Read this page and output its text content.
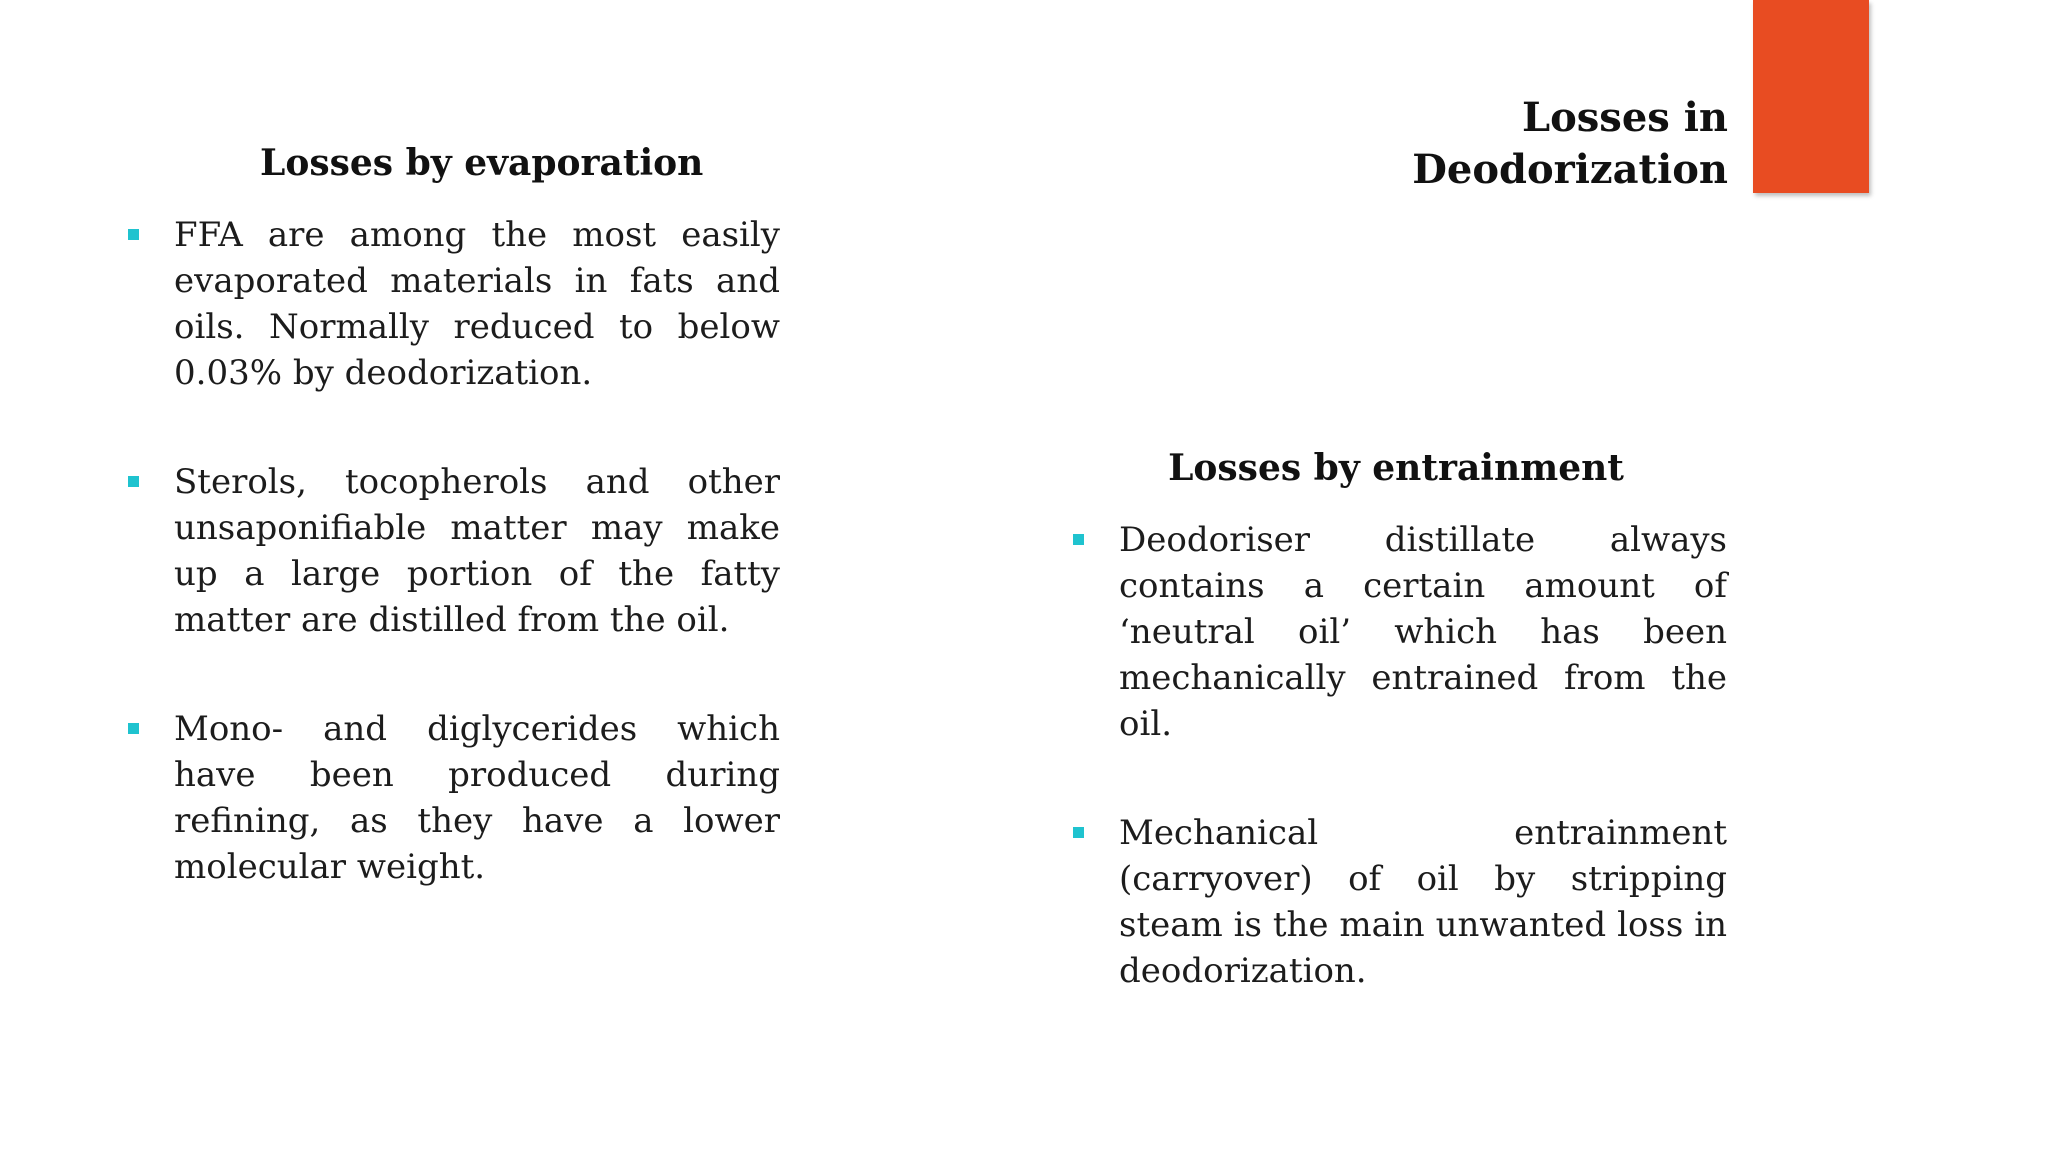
Losses in Deodorization
Losses by evaporation
FFA are among the most easily evaporated materials in fats and oils. Normally reduced to below 0.03% by deodorization.
Sterols, tocopherols and other unsaponifiable matter may make up a large portion of the fatty matter are distilled from the oil.
Mono- and diglycerides which have been produced during refining, as they have a lower molecular weight.
Losses by entrainment
Deodoriser distillate always contains a certain amount of ‘neutral oil’ which has been mechanically entrained from the oil.
Mechanical entrainment (carryover) of oil by stripping steam is the main unwanted loss in deodorization.
